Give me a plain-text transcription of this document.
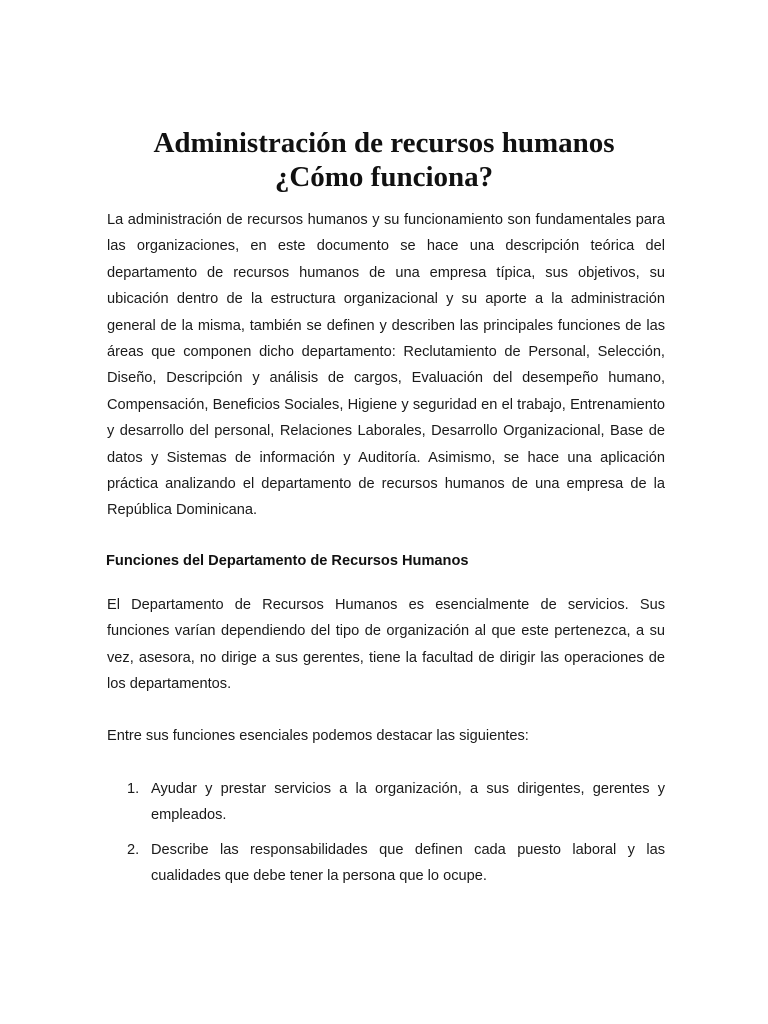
Administración de recursos humanos
¿Cómo funciona?

La administración de recursos humanos y su funcionamiento son fundamentales para las organizaciones, en este documento se hace una descripción teórica del departamento de recursos humanos de una empresa típica, sus objetivos, su ubicación dentro de la estructura organizacional y su aporte a la administración general de la misma, también se definen y describen las principales funciones de las áreas que componen dicho departamento: Reclutamiento de Personal, Selección, Diseño, Descripción y análisis de cargos, Evaluación del desempeño humano, Compensación, Beneficios Sociales, Higiene y seguridad en el trabajo, Entrenamiento y desarrollo del personal, Relaciones Laborales, Desarrollo Organizacional, Base de datos y Sistemas de información y Auditoría. Asimismo, se hace una aplicación práctica analizando el departamento de recursos humanos de una empresa de la República Dominicana.

Funciones del Departamento de Recursos Humanos

El Departamento de Recursos Humanos es esencialmente de servicios. Sus funciones varían dependiendo del tipo de organización al que este pertenezca, a su vez, asesora, no dirige a sus gerentes, tiene la facultad de dirigir las operaciones de los departamentos.

Entre sus funciones esenciales podemos destacar las siguientes:

1. Ayudar y prestar servicios a la organización, a sus dirigentes, gerentes y empleados.

2. Describe las responsabilidades que definen cada puesto laboral y las cualidades que debe tener la persona que lo ocupe.
